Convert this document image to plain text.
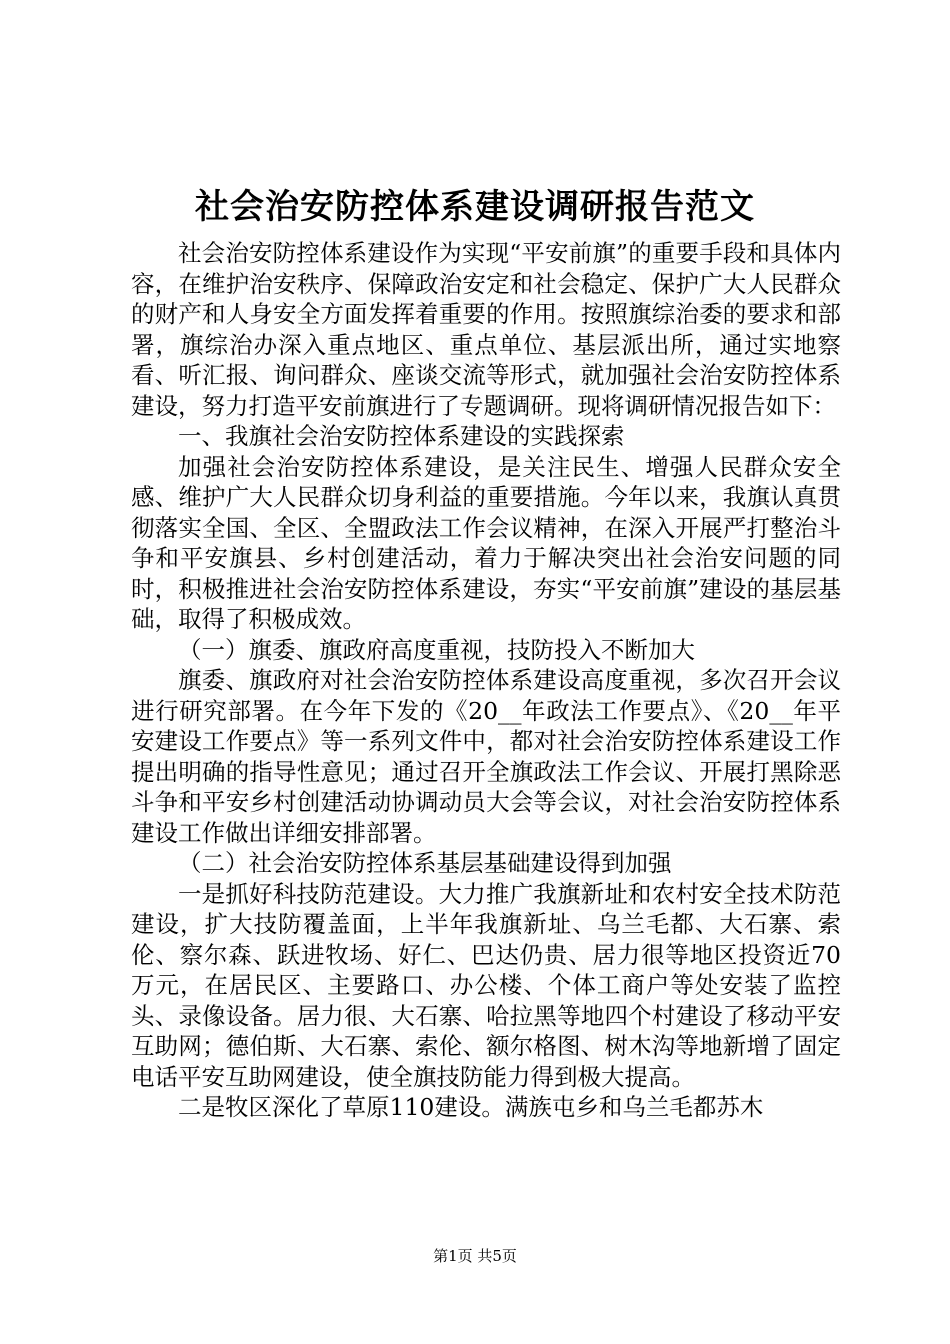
社会治安防控体系建设调研报告范文

社会治安防控体系建设作为实现“平安前旗”的重要手段和具体内容，在维护治安秩序、保障政治安定和社会稳定、保护广大人民群众的财产和人身安全方面发挥着重要的作用。按照旗综治委的要求和部署，旗综治办深入重点地区、重点单位、基层派出所，通过实地察看、听汇报、询问群众、座谈交流等形式，就加强社会治安防控体系建设，努力打造平安前旗进行了专题调研。现将调研情况报告如下：

一、我旗社会治安防控体系建设的实践探索

加强社会治安防控体系建设，是关注民生、增强人民群众安全感、维护广大人民群众切身利益的重要措施。今年以来，我旗认真贯彻落实全国、全区、全盟政法工作会议精神，在深入开展严打整治斗争和平安旗县、乡村创建活动，着力于解决突出社会治安问题的同时，积极推进社会治安防控体系建设，夯实“平安前旗”建设的基层基础，取得了积极成效。

（一）旗委、旗政府高度重视，技防投入不断加大

旗委、旗政府对社会治安防控体系建设高度重视，多次召开会议进行研究部署。在今年下发的《20__年政法工作要点》、《20__年平安建设工作要点》等一系列文件中，都对社会治安防控体系建设工作提出明确的指导性意见；通过召开全旗政法工作会议、开展打黑除恶斗争和平安乡村创建活动协调动员大会等会议，对社会治安防控体系建设工作做出详细安排部署。

（二）社会治安防控体系基层基础建设得到加强

一是抓好科技防范建设。大力推广我旗新址和农村安全技术防范建设，扩大技防覆盖面，上半年我旗新址、乌兰毛都、大石寨、索伦、察尔森、跃进牧场、好仁、巴达仍贵、居力很等地区投资近70万元，在居民区、主要路口、办公楼、个体工商户等处安装了监控头、录像设备。居力很、大石寨、哈拉黑等地四个村建设了移动平安互助网；德伯斯、大石寨、索伦、额尔格图、树木沟等地新增了固定电话平安互助网建设，使全旗技防能力得到极大提高。

二是牧区深化了草原110建设。满族屯乡和乌兰毛都苏木

第1页 共5页
